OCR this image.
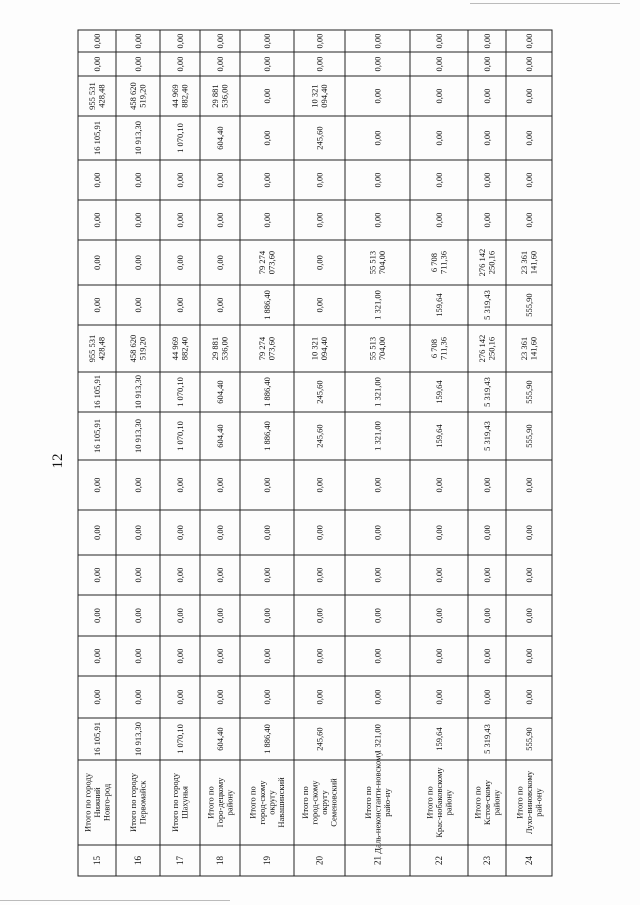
12
15
Итого по городуНижнийНовго-род
16 105,91
0,00
0,00
0,00
0,00
0,00
0,00
16 105,91
16 105,91
955 531428,48
0,00
0,00
0,00
0,00
16 105,91
955 531428,48
0,00
0,00
16
Итого по городуПервомайск
10 913,30
0,00
0,00
0,00
0,00
0,00
0,00
10 913,30
10 913,30
458 620519,20
0,00
0,00
0,00
0,00
10 913,30
458 620519,20
0,00
0,00
17
Итого по городуШахунья
1 070,10
0,00
0,00
0,00
0,00
0,00
0,00
1 070,10
1 070,10
44 969882,40
0,00
0,00
0,00
0,00
1 070,10
44 969882,40
0,00
0,00
18
Итого поГоро-децкомурайону
604,40
0,00
0,00
0,00
0,00
0,00
0,00
604,40
604,40
29 881536,00
0,00
0,00
0,00
0,00
604,40
29 881536,00
0,00
0,00
19
Итого погород-скомуокругуНавашинский
1 886,40
0,00
0,00
0,00
0,00
0,00
0,00
1 886,40
1 886,40
79 274073,60
1 886,40
79 274073,60
0,00
0,00
0,00
0,00
0,00
0,00
20
Итого погород-скомуокругуСеменовский
245,60
0,00
0,00
0,00
0,00
0,00
0,00
245,60
245,60
10 321094,40
0,00
0,00
0,00
0,00
245,60
10 321094,40
0,00
0,00
21
Итого поДаль-неконстанти-новскомурайо-ну
1 321,00
0,00
0,00
0,00
0,00
0,00
0,00
1 321,00
1 321,00
55 513704,00
1 321,00
55 513704,00
0,00
0,00
0,00
0,00
0,00
0,00
22
Итого поКрас-нобаковскомурайону
159,64
0,00
0,00
0,00
0,00
0,00
0,00
159,64
159,64
6 708711,36
159,64
6 708711,36
0,00
0,00
0,00
0,00
0,00
0,00
23
Итого поКстов-скомурайону
5 319,43
0,00
0,00
0,00
0,00
0,00
0,00
5 319,43
5 319,43
276 142250,16
5 319,43
276 142250,16
0,00
0,00
0,00
0,00
0,00
0,00
24
Итого поЛухо-виновскомурай-ону
555,90
0,00
0,00
0,00
0,00
0,00
0,00
555,90
555,90
23 361141,60
555,90
23 361141,60
0,00
0,00
0,00
0,00
0,00
0,00
